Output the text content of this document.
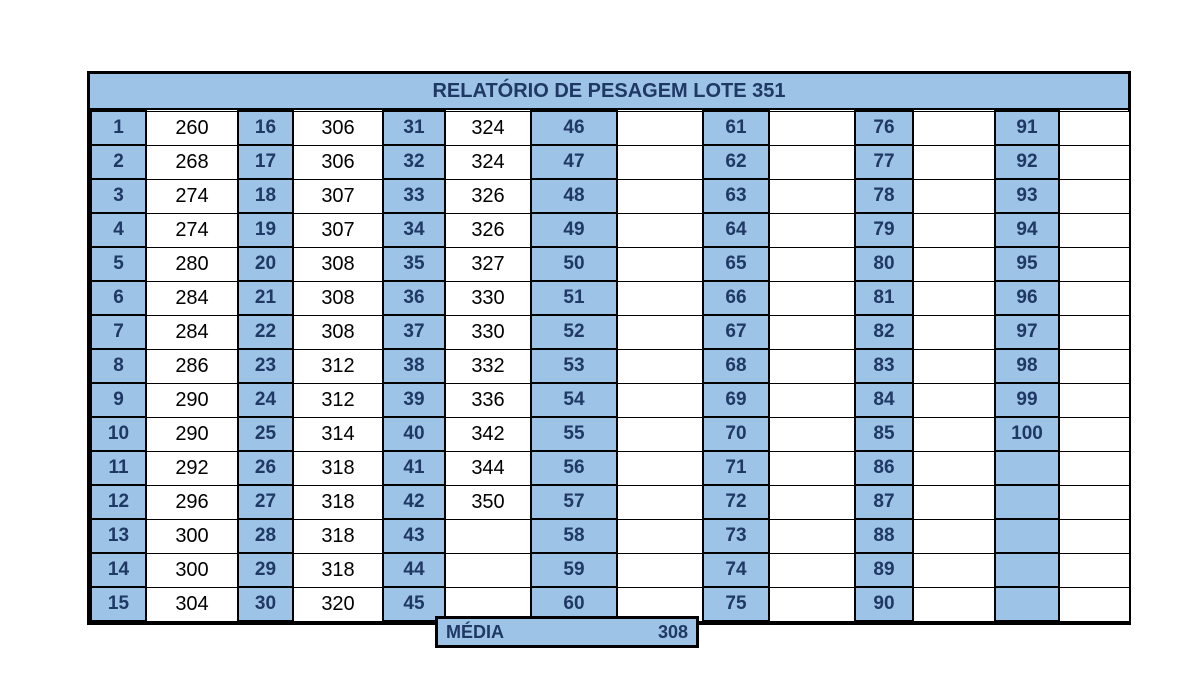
RELATÓRIO DE PESAGEM LOTE 351
1	260	16	306	31	324	46		61		76		91	
2	268	17	306	32	324	47		62		77		92	
3	274	18	307	33	326	48		63		78		93	
4	274	19	307	34	326	49		64		79		94	
5	280	20	308	35	327	50		65		80		95	
6	284	21	308	36	330	51		66		81		96	
7	284	22	308	37	330	52		67		82		97	
8	286	23	312	38	332	53		68		83		98	
9	290	24	312	39	336	54		69		84		99	
10	290	25	314	40	342	55		70		85		100	
11	292	26	318	41	344	56		71		86			
12	296	27	318	42	350	57		72		87			
13	300	28	318	43		58		73		88			
14	300	29	318	44		59		74		89			
15	304	30	320	45		60		75		90			
MÉDIA	308
